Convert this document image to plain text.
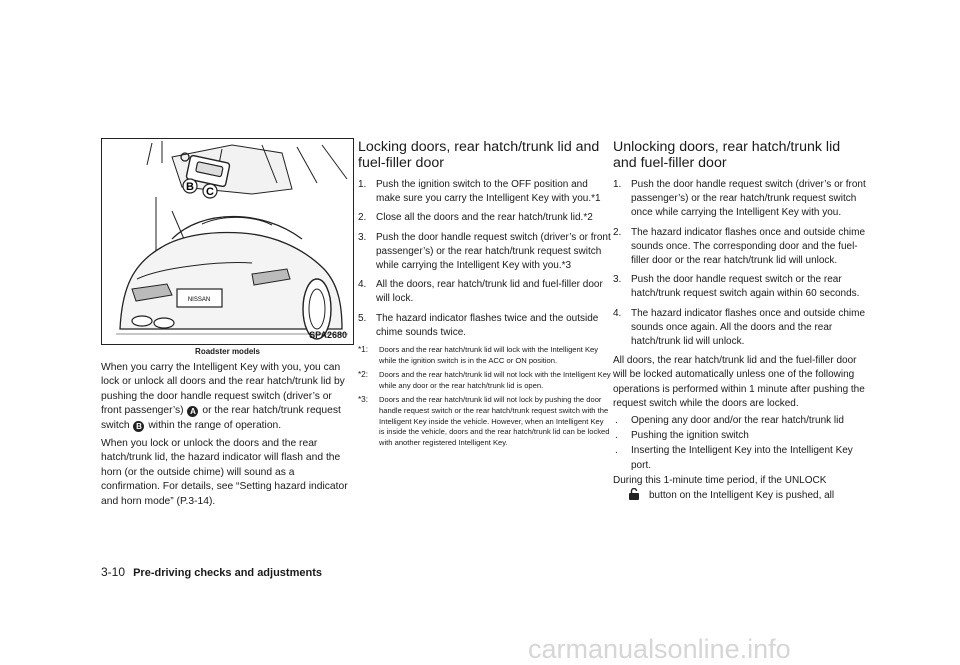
B C
NISSAN
SPA2680
Roadster models

When you carry the Intelligent Key with you, you can lock or unlock all doors and the rear hatch/trunk lid by pushing the door handle request switch (driver’s or front passenger’s) A or the rear hatch/trunk request switch B within the range of operation.

When you lock or unlock the doors and the rear hatch/trunk lid, the hazard indicator will flash and the horn (or the outside chime) will sound as a confirmation. For details, see “Setting hazard indicator and horn mode” (P.3-14).

Locking doors, rear hatch/trunk lid and fuel-filler door
1. Push the ignition switch to the OFF position and make sure you carry the Intelligent Key with you.*1
2. Close all the doors and the rear hatch/trunk lid.*2
3. Push the door handle request switch (driver’s or front passenger’s) or the rear hatch/trunk request switch while carrying the Intelligent Key with you.*3
4. All the doors, rear hatch/trunk lid and fuel-filler door will lock.
5. The hazard indicator flashes twice and the outside chime sounds twice.
*1: Doors and the rear hatch/trunk lid will lock with the Intelligent Key while the ignition switch is in the ACC or ON position.
*2: Doors and the rear hatch/trunk lid will not lock with the Intelligent Key while any door or the rear hatch/trunk lid is open.
*3: Doors and the rear hatch/trunk lid will not lock by pushing the door handle request switch or the rear hatch/trunk request switch with the Intelligent Key inside the vehicle. However, when an Intelligent Key is inside the vehicle, doors and the rear hatch/trunk lid can be locked with another registered Intelligent Key.
Unlocking doors, rear hatch/trunk lid and fuel-filler door
1. Push the door handle request switch (driver’s or front passenger’s) or the rear hatch/trunk request switch once while carrying the Intelligent Key with you.
2. The hazard indicator flashes once and outside chime sounds once. The corresponding door and the fuel-filler door or the rear hatch/trunk lid will unlock.
3. Push the door handle request switch or the rear hatch/trunk request switch again within 60 seconds.
4. The hazard indicator flashes once and outside chime sounds once again. All the doors and the rear hatch/trunk lid will unlock.

All doors, the rear hatch/trunk lid and the fuel-filler door will be locked automatically unless one of the following operations is performed within 1 minute after pushing the request switch while the doors are locked.

. Opening any door and/or the rear hatch/trunk lid
. Pushing the ignition switch
. Inserting the Intelligent Key into the Intelligent Key port.
During this 1-minute time period, if the UNLOCK
button on the Intelligent Key is pushed, all
3-10 Pre-driving checks and adjustments
carmanualsonline.info
